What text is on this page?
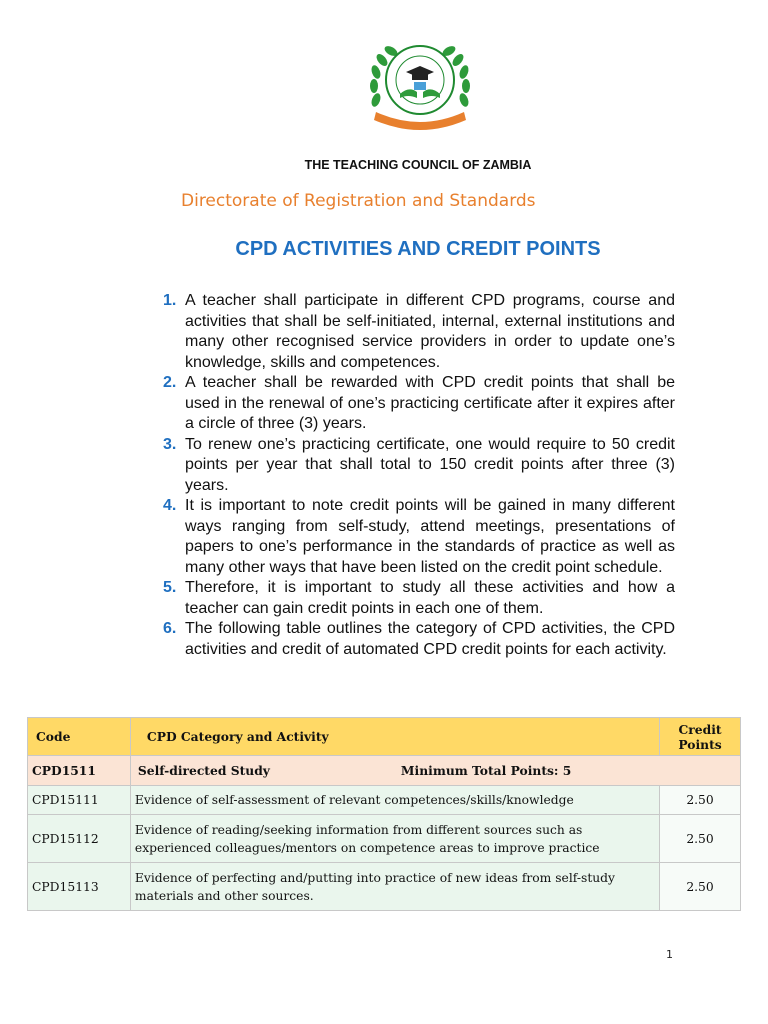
THE TEACHING COUNCIL OF ZAMBIA
Directorate of Registration and Standards
CPD ACTIVITIES AND CREDIT POINTS
1. A teacher shall participate in different CPD programs, course and activities that shall be self-initiated, internal, external institutions and many other recognised service providers in order to update one’s knowledge, skills and competences.
2. A teacher shall be rewarded with CPD credit points that shall be used in the renewal of one’s practicing certificate after it expires after a circle of three (3) years.
3. To renew one’s practicing certificate, one would require to 50 credit points per year that shall total to 150 credit points after three (3) years.
4. It is important to note credit points will be gained in many different ways ranging from self-study, attend meetings, presentations of papers to one’s performance in the standards of practice as well as many other ways that have been listed on the credit point schedule.
5. Therefore, it is important to study all these activities and how a teacher can gain credit points in each one of them.
6. The following table outlines the category of CPD activities, the CPD activities and credit of automated CPD credit points for each activity.
Code	CPD Category and Activity	Credit Points
CPD1511	Self-directed Study Minimum Total Points: 5	
CPD15111	Evidence of self-assessment of relevant competences/skills/knowledge	2.50
CPD15112	Evidence of reading/seeking information from different sources such as experienced colleagues/mentors on competence areas to improve practice	2.50
CPD15113	Evidence of perfecting and/putting into practice of new ideas from self-study materials and other sources.	2.50
1
